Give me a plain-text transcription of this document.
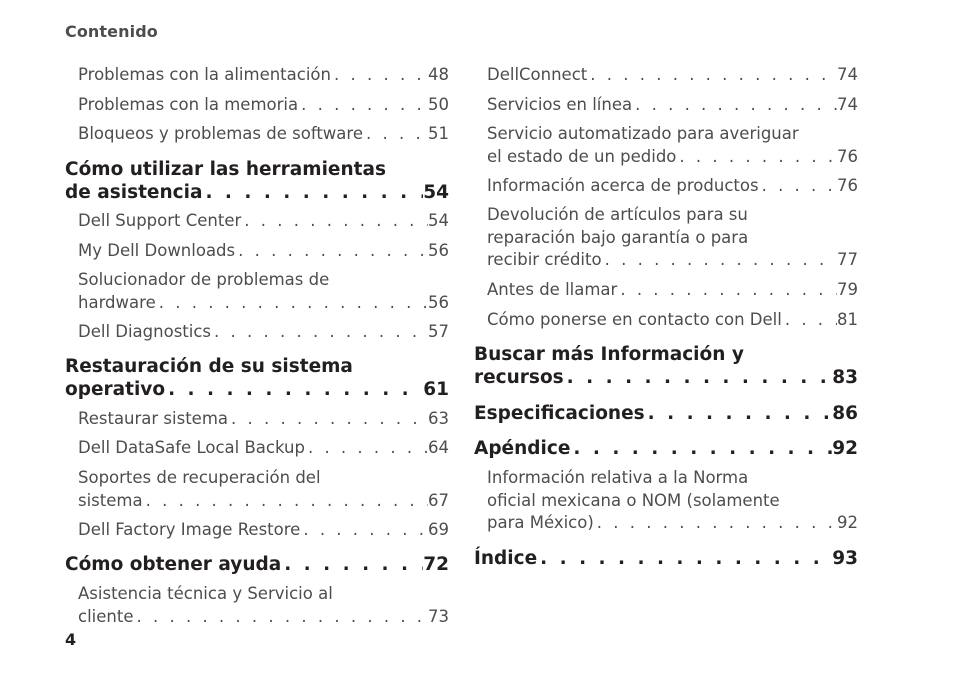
Contenido
Problemas con la alimentación . . .	48
Problemas con la memoria . . .	50
Bloqueos y problemas de software . . .	51
Cómo utilizar las herramientas
de asistencia . . .	54
Dell Support Center . . .	54
My Dell Downloads . . .	56
Solucionador de problemas de
hardware . . .	56
Dell Diagnostics . . .	57
Restauración de su sistema
operativo . . .	61
Restaurar sistema . . .	63
Dell DataSafe Local Backup . . .	64
Soportes de recuperación del
sistema . . .	67
Dell Factory Image Restore . . .	69
Cómo obtener ayuda . . .	72
Asistencia técnica y Servicio al
cliente . . .	73
DellConnect . . .	74
Servicios en línea . . .	74
Servicio automatizado para averiguar
el estado de un pedido . . .	76
Información acerca de productos . . .	76
Devolución de artículos para su
reparación bajo garantía o para
recibir crédito . . .	77
Antes de llamar . . .	79
Cómo ponerse en contacto con Dell . . .	81
Buscar más Información y
recursos . . .	83
Especificaciones . . .	86
Apéndice . . .	92
Información relativa a la Norma
oficial mexicana o NOM (solamente
para México) . . .	92
Índice . . .	93
4
